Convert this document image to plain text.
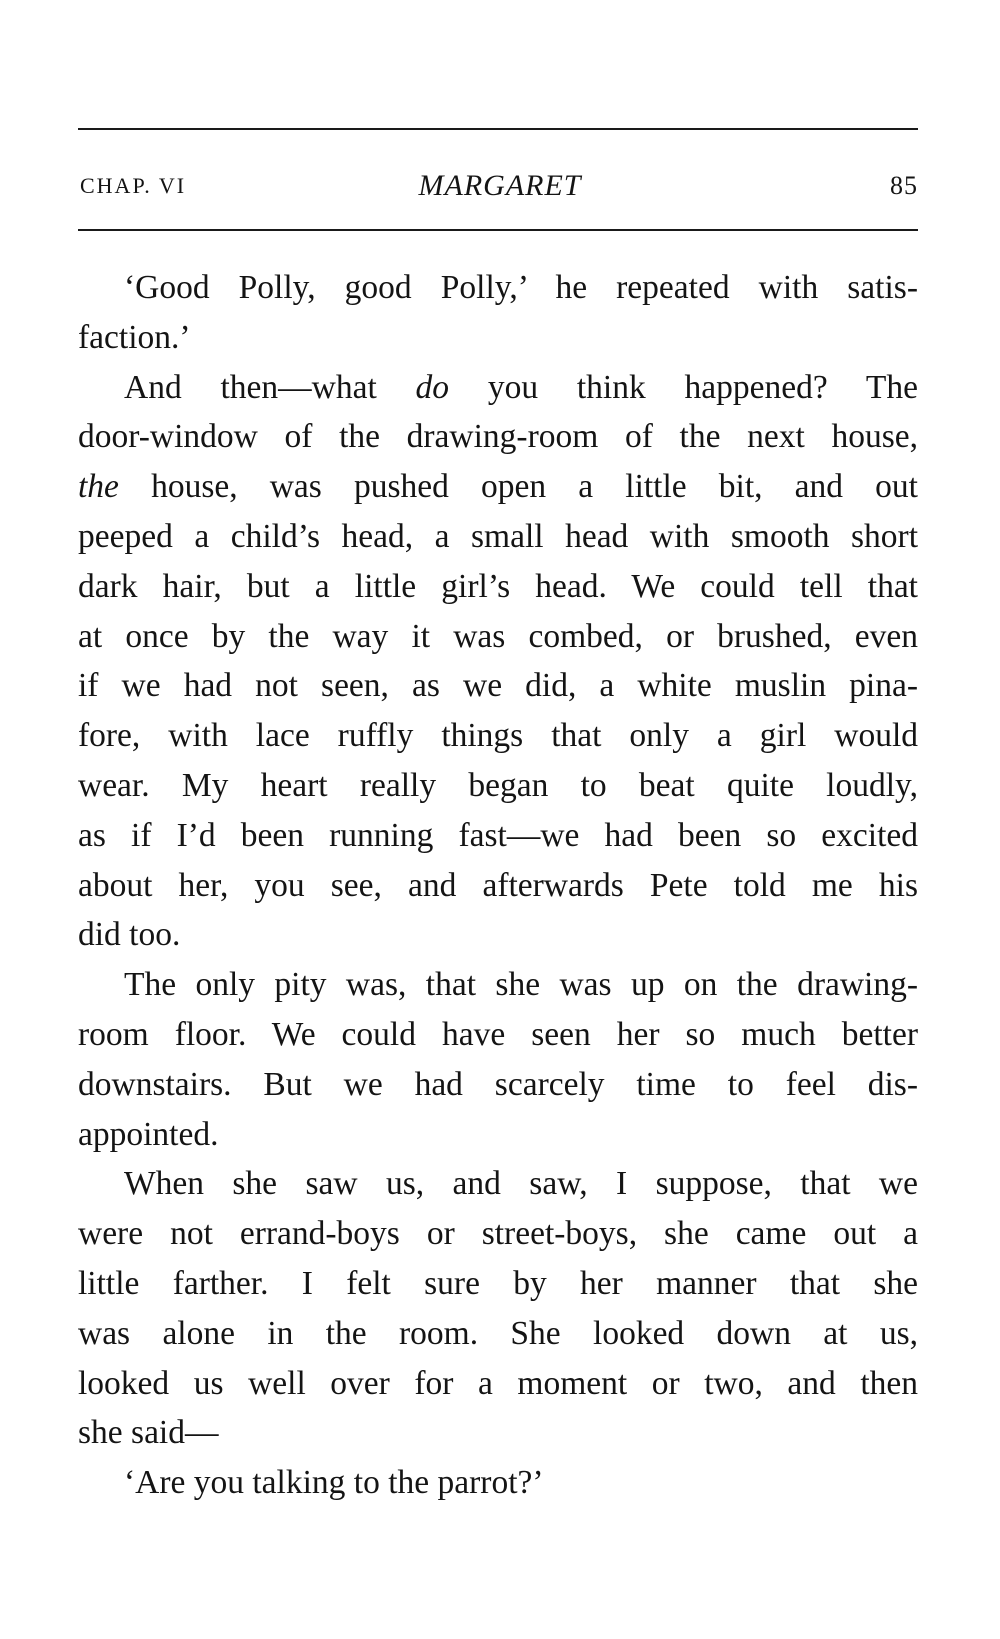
CHAP. VI	MARGARET	85
‘Good Polly, good Polly,’ he repeated with satis-
faction.’
And then—what do you think happened? The
door-window of the drawing-room of the next house,
the house, was pushed open a little bit, and out
peeped a child’s head, a small head with smooth short
dark hair, but a little girl’s head. We could tell that
at once by the way it was combed, or brushed, even
if we had not seen, as we did, a white muslin pina-
fore, with lace ruffly things that only a girl would
wear. My heart really began to beat quite loudly,
as if I’d been running fast—we had been so excited
about her, you see, and afterwards Pete told me his
did too.
The only pity was, that she was up on the drawing-
room floor. We could have seen her so much better
downstairs. But we had scarcely time to feel dis-
appointed.
When she saw us, and saw, I suppose, that we
were not errand-boys or street-boys, she came out a
little farther. I felt sure by her manner that she
was alone in the room. She looked down at us,
looked us well over for a moment or two, and then
she said—
‘Are you talking to the parrot?’
